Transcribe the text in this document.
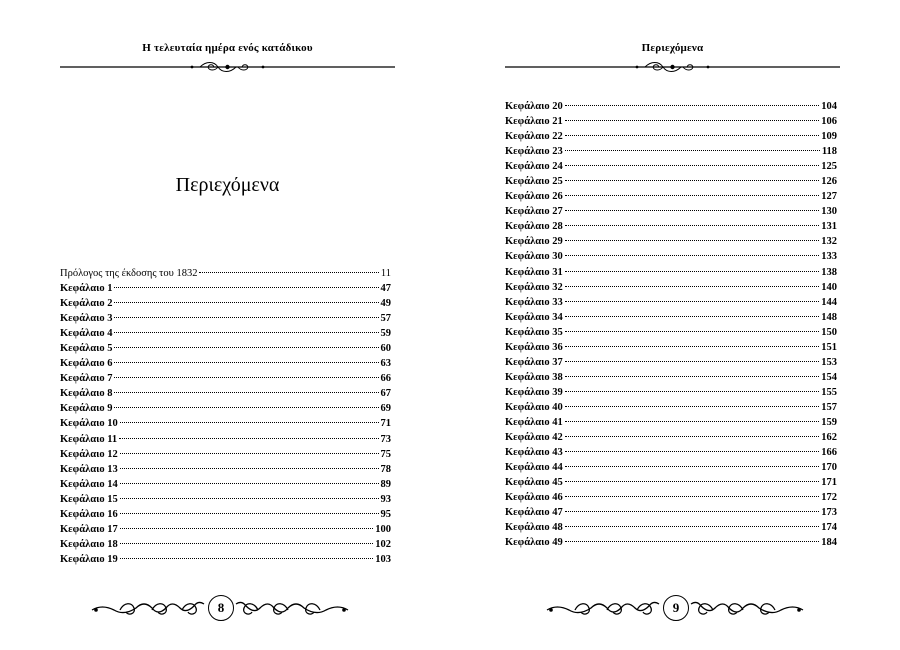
Η τελευταία ημέρα ενός κατάδικου
Περιεχόμενα
Πρόλογος της έκδοσης του 1832	11
Κεφάλαιο 1	47
Κεφάλαιο 2	49
Κεφάλαιο 3	57
Κεφάλαιο 4	59
Κεφάλαιο 5	60
Κεφάλαιο 6	63
Κεφάλαιο 7	66
Κεφάλαιο 8	67
Κεφάλαιο 9	69
Κεφάλαιο 10	71
Κεφάλαιο 11	73
Κεφάλαιο 12	75
Κεφάλαιο 13	78
Κεφάλαιο 14	89
Κεφάλαιο 15	93
Κεφάλαιο 16	95
Κεφάλαιο 17	100
Κεφάλαιο 18	102
Κεφάλαιο 19	103
8
Περιεχόμενα
Κεφάλαιο 20	104
Κεφάλαιο 21	106
Κεφάλαιο 22	109
Κεφάλαιο 23	118
Κεφάλαιο 24	125
Κεφάλαιο 25	126
Κεφάλαιο 26	127
Κεφάλαιο 27	130
Κεφάλαιο 28	131
Κεφάλαιο 29	132
Κεφάλαιο 30	133
Κεφάλαιο 31	138
Κεφάλαιο 32	140
Κεφάλαιο 33	144
Κεφάλαιο 34	148
Κεφάλαιο 35	150
Κεφάλαιο 36	151
Κεφάλαιο 37	153
Κεφάλαιο 38	154
Κεφάλαιο 39	155
Κεφάλαιο 40	157
Κεφάλαιο 41	159
Κεφάλαιο 42	162
Κεφάλαιο 43	166
Κεφάλαιο 44	170
Κεφάλαιο 45	171
Κεφάλαιο 46	172
Κεφάλαιο 47	173
Κεφάλαιο 48	174
Κεφάλαιο 49	184
9
